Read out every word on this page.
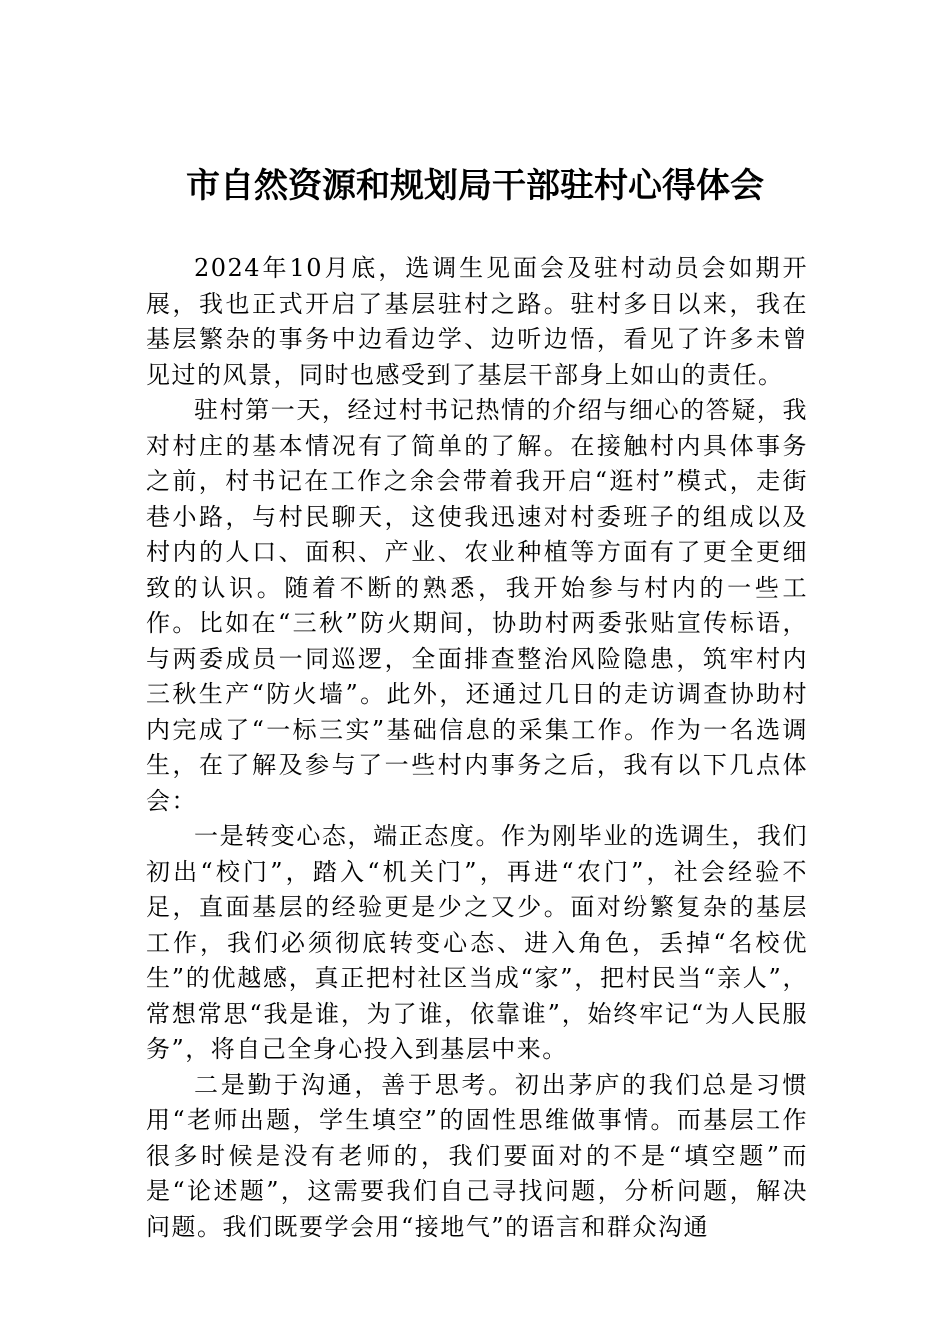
市自然资源和规划局干部驻村心得体会

2024年10月底，选调生见面会及驻村动员会如期开展，我也正式开启了基层驻村之路。驻村多日以来，我在基层繁杂的事务中边看边学、边听边悟，看见了许多未曾见过的风景，同时也感受到了基层干部身上如山的责任。

驻村第一天，经过村书记热情的介绍与细心的答疑，我对村庄的基本情况有了简单的了解。在接触村内具体事务之前，村书记在工作之余会带着我开启“逛村”模式，走街巷小路，与村民聊天，这使我迅速对村委班子的组成以及村内的人口、面积、产业、农业种植等方面有了更全更细致的认识。随着不断的熟悉，我开始参与村内的一些工作。比如在“三秋”防火期间，协助村两委张贴宣传标语，与两委成员一同巡逻，全面排查整治风险隐患，筑牢村内三秋生产“防火墙”。此外，还通过几日的走访调查协助村内完成了“一标三实”基础信息的采集工作。作为一名选调生，在了解及参与了一些村内事务之后，我有以下几点体会：

一是转变心态，端正态度。作为刚毕业的选调生，我们初出“校门”，踏入“机关门”，再进“农门”，社会经验不足，直面基层的经验更是少之又少。面对纷繁复杂的基层工作，我们必须彻底转变心态、进入角色，丢掉“名校优生”的优越感，真正把村社区当成“家”，把村民当“亲人”，常想常思“我是谁，为了谁，依靠谁”，始终牢记“为人民服务”，将自己全身心投入到基层中来。

二是勤于沟通，善于思考。初出茅庐的我们总是习惯用“老师出题，学生填空”的固性思维做事情。而基层工作很多时候是没有老师的，我们要面对的不是“填空题”而是“论述题”，这需要我们自己寻找问题，分析问题，解决问题。我们既要学会用“接地气”的语言和群众沟通
